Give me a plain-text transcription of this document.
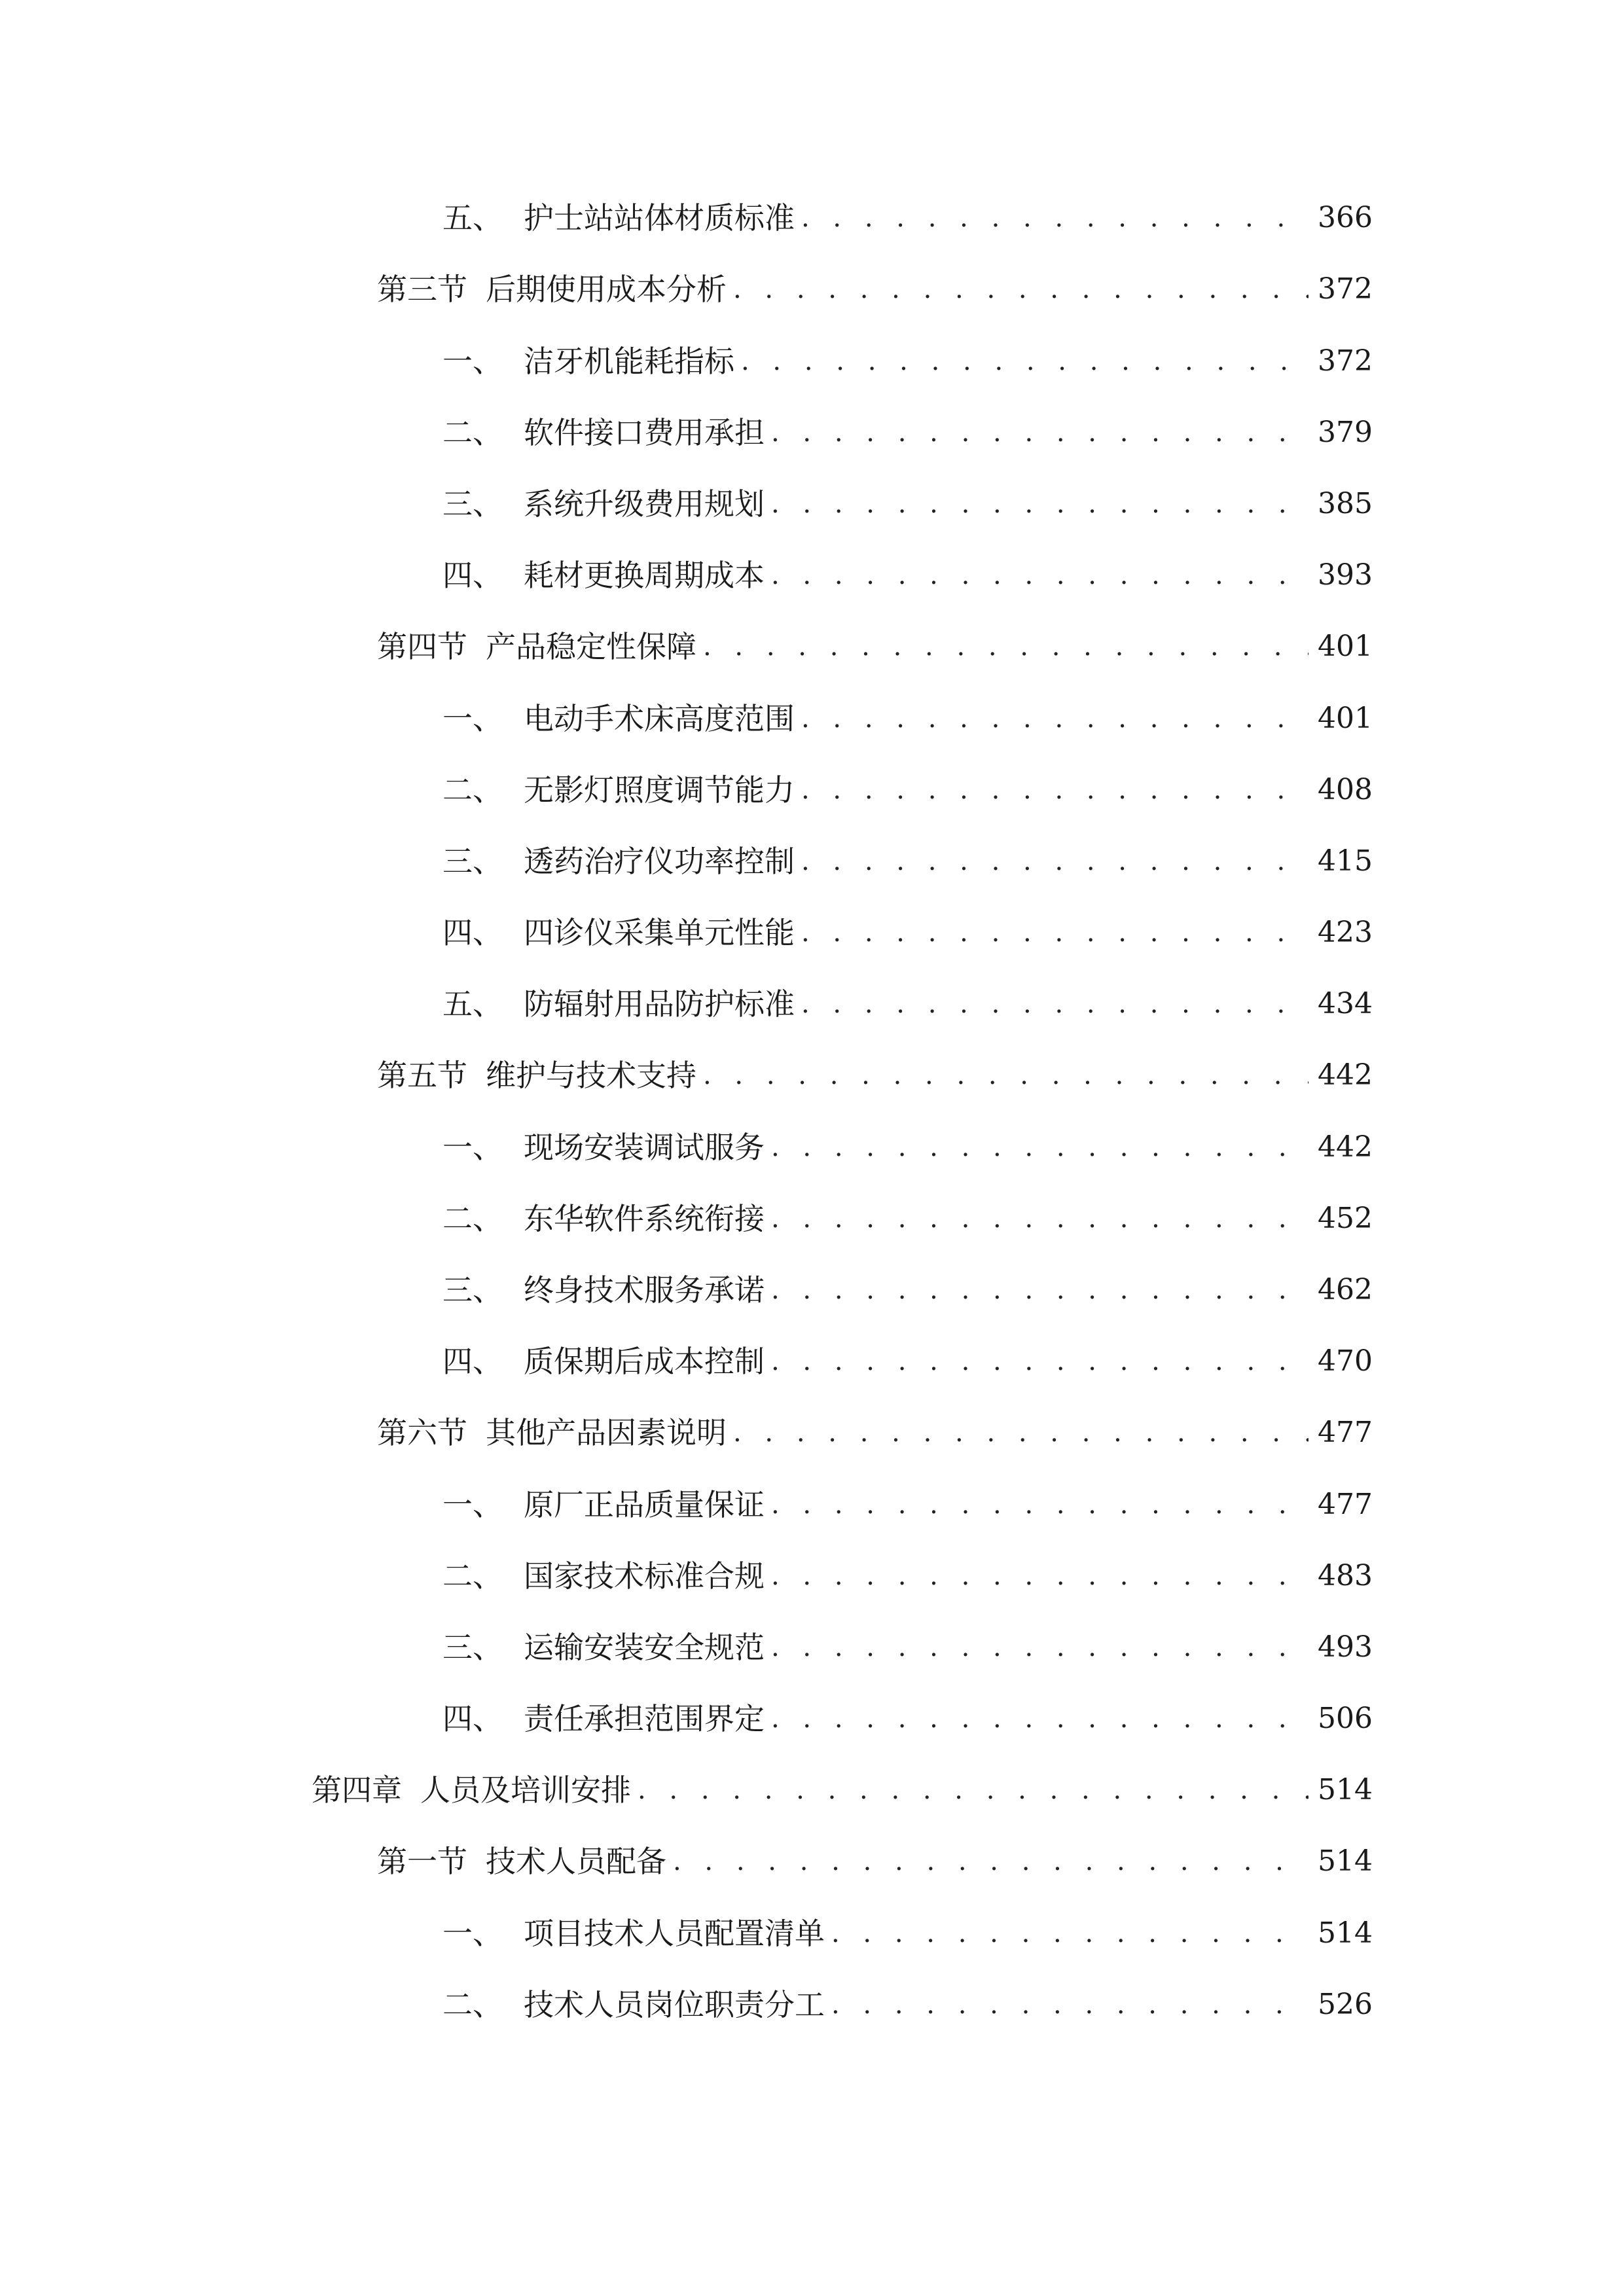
五、 护士站站体材质标准 . . .	366
第三节 后期使用成本分析 . . .	372
一、 洁牙机能耗指标 . . .	372
二、 软件接口费用承担 . . .	379
三、 系统升级费用规划 . . .	385
四、 耗材更换周期成本 . . .	393
第四节 产品稳定性保障 . . .	401
一、 电动手术床高度范围 . . .	401
二、 无影灯照度调节能力 . . .	408
三、 透药治疗仪功率控制 . . .	415
四、 四诊仪采集单元性能 . . .	423
五、 防辐射用品防护标准 . . .	434
第五节 维护与技术支持 . . .	442
一、 现场安装调试服务 . . .	442
二、 东华软件系统衔接 . . .	452
三、 终身技术服务承诺 . . .	462
四、 质保期后成本控制 . . .	470
第六节 其他产品因素说明 . . .	477
一、 原厂正品质量保证 . . .	477
二、 国家技术标准合规 . . .	483
三、 运输安装安全规范 . . .	493
四、 责任承担范围界定 . . .	506
第四章 人员及培训安排 . . .	514
第一节 技术人员配备 . . .	514
一、 项目技术人员配置清单 . . .	514
二、 技术人员岗位职责分工 . . .	526
